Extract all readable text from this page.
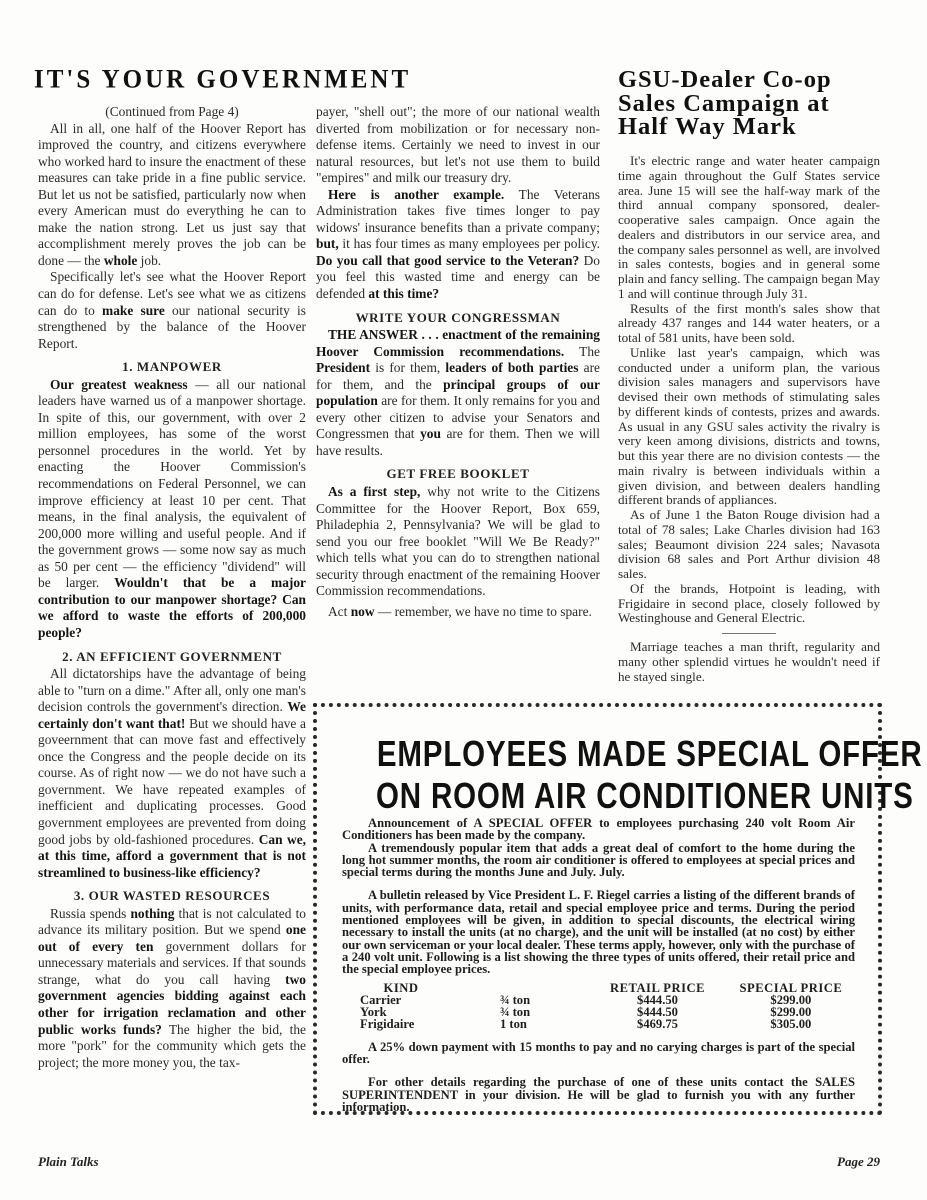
IT'S YOUR GOVERNMENT	GSU-Dealer Co-op
Sales Campaign at
Half Way Mark

(Continued from Page 4)

All in all, one half of the Hoover Report has improved the country, and citizens everywhere who worked hard to insure the enactment of these measures can take pride in a fine public service. But let us not be satisfied, particularly now when every American must do everything he can to make the nation strong. Let us just say that accomplishment merely proves the job can be done — the whole job.

Specifically let's see what the Hoover Report can do for defense. Let's see what we as citizens can do to make sure our national security is strengthened by the balance of the Hoover Report.

1. MANPOWER

Our greatest weakness — all our national leaders have warned us of a manpower shortage. In spite of this, our government, with over 2 million employees, has some of the worst personnel procedures in the world. Yet by enacting the Hoover Commission's recommendations on Federal Personnel, we can improve efficiency at least 10 per cent. That means, in the final analysis, the equivalent of 200,000 more willing and useful people. And if the government grows — some now say as much as 50 per cent — the efficiency "dividend" will be larger. Wouldn't that be a major contribution to our manpower shortage? Can we afford to waste the efforts of 200,000 people?

2. AN EFFICIENT GOVERNMENT

All dictatorships have the advantage of being able to "turn on a dime." After all, only one man's decision controls the government's direction. We certainly don't want that! But we should have a goveernment that can move fast and effectively once the Congress and the people decide on its course. As of right now — we do not have such a government. We have repeated examples of inefficient and duplicating processes. Good government employees are prevented from doing good jobs by old-fashioned procedures. Can we, at this time, afford a government that is not streamlined to business-like efficiency?

3. OUR WASTED RESOURCES

Russia spends nothing that is not calculated to advance its military position. But we spend one out of every ten government dollars for unnecessary materials and services. If that sounds strange, what do you call having two government agencies bidding against each other for irrigation reclamation and other public works funds? The higher the bid, the more "pork" for the community which gets the project; the more money you, the tax-

payer, "shell out"; the more of our national wealth diverted from mobilization or for necessary non-defense items. Certainly we need to invest in our natural resources, but let's not use them to build "empires" and milk our treasury dry.

Here is another example. The Veterans Administration takes five times longer to pay widows' insurance benefits than a private company; but, it has four times as many employees per policy. Do you call that good service to the Veteran? Do you feel this wasted time and energy can be defended at this time?

WRITE YOUR CONGRESSMAN

THE ANSWER . . . enactment of the remaining Hoover Commission recommendations. The President is for them, leaders of both parties are for them, and the principal groups of our population are for them. It only remains for you and every other citizen to advise your Senators and Congressmen that you are for them. Then we will have results.

GET FREE BOOKLET

As a first step, why not write to the Citizens Committee for the Hoover Report, Box 659, Philadephia 2, Pennsylvania? We will be glad to send you our free booklet "Will We Be Ready?" which tells what you can do to strengthen national security through enactment of the remaining Hoover Commission recommendations.

Act now — remember, we have no time to spare.

It's electric range and water heater campaign time again throughout the Gulf States service area. June 15 will see the half-way mark of the third annual company sponsored, dealer-cooperative sales campaign. Once again the dealers and distributors in our service area, and the company sales personnel as well, are involved in sales contests, bogies and in general some plain and fancy selling. The campaign began May 1 and will continue through July 31.

Results of the first month's sales show that already 437 ranges and 144 water heaters, or a total of 581 units, have been sold.

Unlike last year's campaign, which was conducted under a uniform plan, the various division sales managers and supervisors have devised their own methods of stimulating sales by different kinds of contests, prizes and awards. As usual in any GSU sales activity the rivalry is very keen among divisions, districts and towns, but this year there are no division contests — the main rivalry is between individuals within a given division, and between dealers handling different brands of appliances.

As of June 1 the Baton Rouge division had a total of 78 sales; Lake Charles division had 163 sales; Beaumont division 224 sales; Navasota division 68 sales and Port Arthur division 48 sales.

Of the brands, Hotpoint is leading, with Frigidaire in second place, closely followed by Westinghouse and General Electric.

Marriage teaches a man thrift, regularity and many other splendid virtues he wouldn't need if he stayed single.

EMPLOYEES MADE SPECIAL OFFER
ON ROOM AIR CONDITIONER UNITS

Announcement of A SPECIAL OFFER to employees purchasing 240 volt Room Air Conditioners has been made by the company.

A tremendously popular item that adds a great deal of comfort to the home during the long hot summer months, the room air conditioner is offered to employees at special prices and special terms during the months June and July. July.

A bulletin released by Vice President L. F. Riegel carries a listing of the different brands of units, with performance data, retail and special employee price and terms. During the period mentioned employees will be given, in addition to special discounts, the electrical wiring necessary to install the units (at no charge), and the unit will be installed (at no cost) by either our own serviceman or your local dealer. These terms apply, however, only with the purchase of a 240 volt unit. Following is a list showing the three types of units offered, their retail price and the special employee prices.

KIND		RETAIL PRICE	SPECIAL PRICE
Carrier	¾ ton	$444.50	$299.00
York	¾ ton	$444.50	$299.00
Frigidaire	1 ton	$469.75	$305.00

A 25% down payment with 15 months to pay and no carying charges is part of the special offer.

For other details regarding the purchase of one of these units contact the SALES SUPERINTENDENT in your division. He will be glad to furnish you with any further information.

Plain Talks	Page 29
